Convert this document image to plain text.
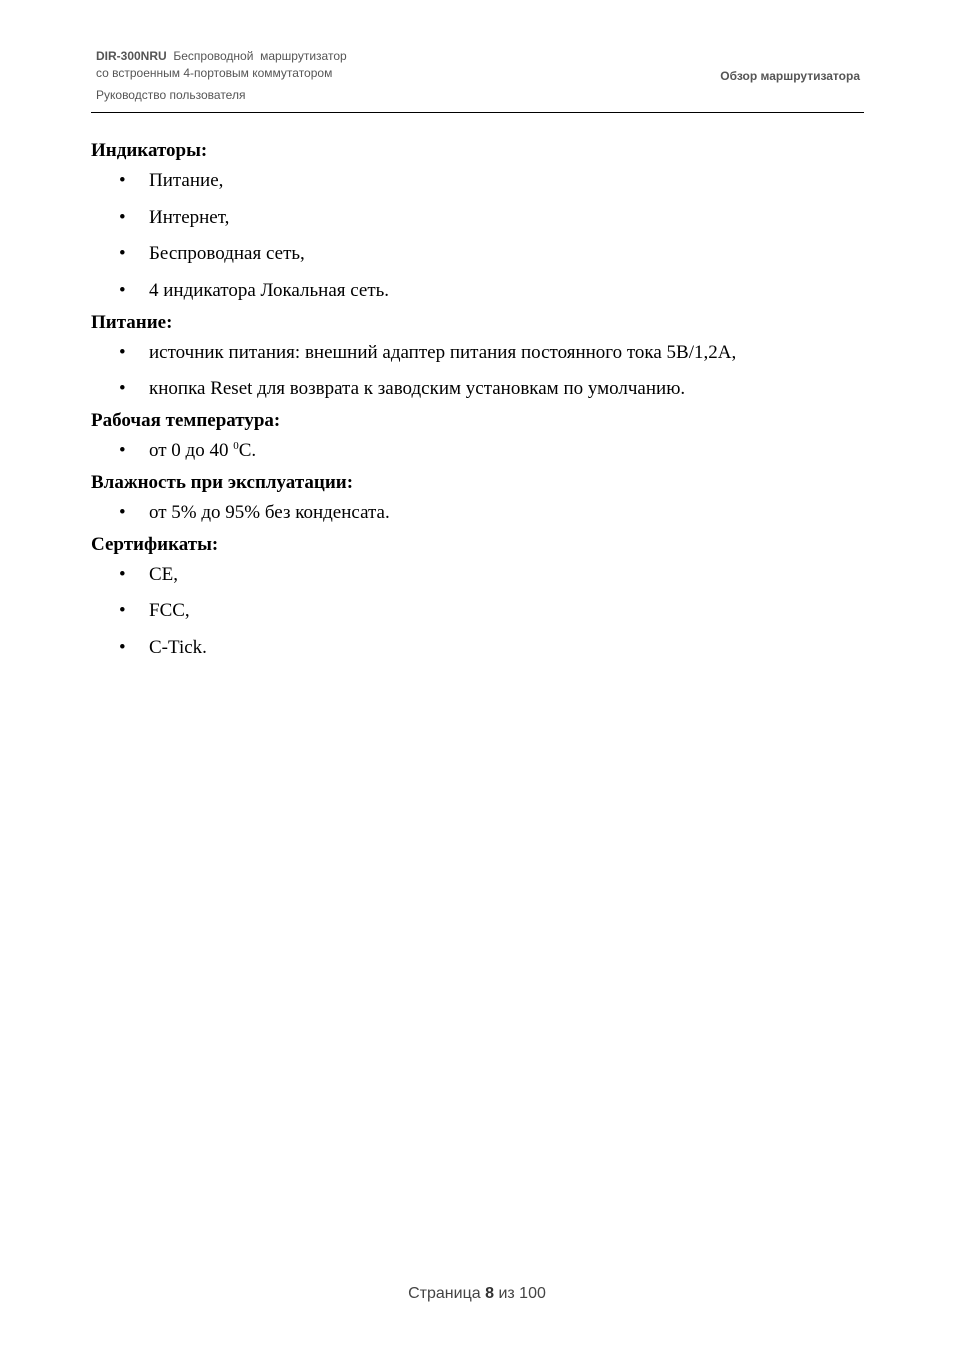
DIR-300NRU Беспроводной  маршрутизатор
со встроенным 4-портовым коммутатором
Руководство пользователя
Обзор маршрутизатора
Индикаторы:
• Питание,
• Интернет,
• Беспроводная сеть,
• 4 индикатора Локальная сеть.
Питание:
• источник питания: внешний адаптер питания постоянного тока 5В/1,2А,
• кнопка Reset для возврата к заводским установкам по умолчанию.
Рабочая температура:
• от 0 до 40 $^0$С.
Влажность при эксплуатации:
• от 5% до 95% без конденсата.
Сертификаты:
• CE,
• FCC,
• C-Tick.
Страница 8 из 100
